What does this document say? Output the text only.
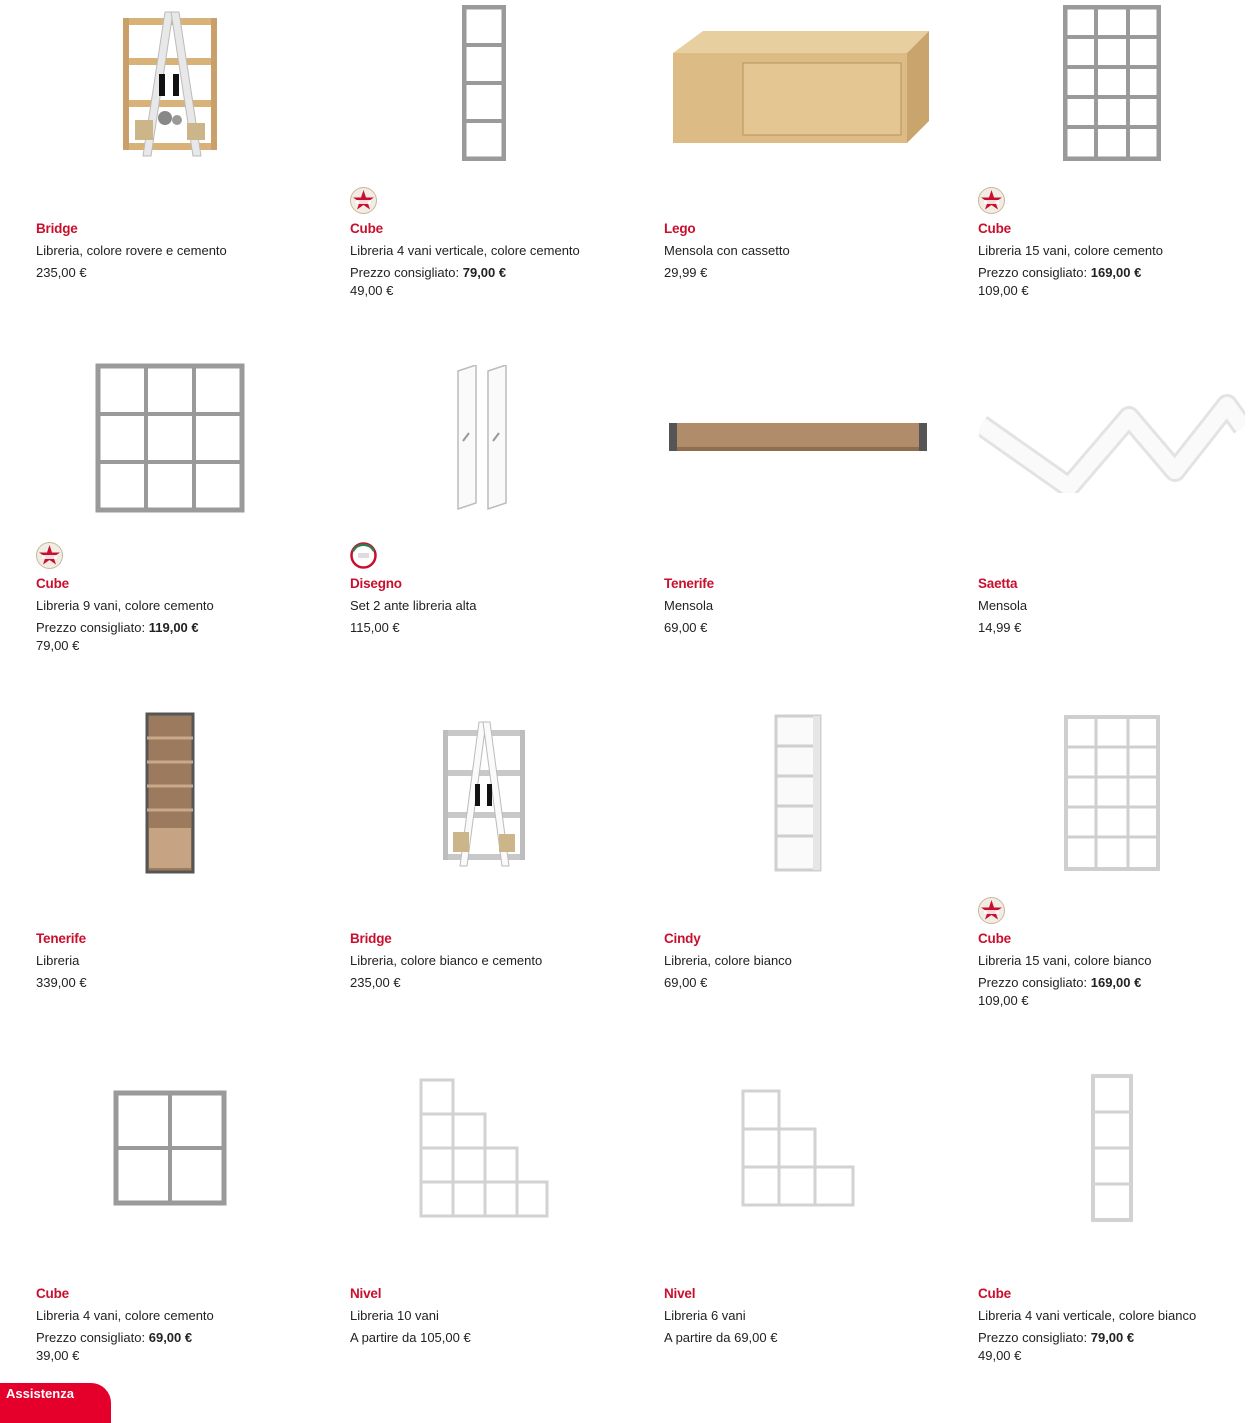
Bridge
Libreria, colore rovere e cemento
235,00 €
Cube
Libreria 4 vani verticale, colore cemento
Prezzo consigliato: 79,00 €
49,00 €
Lego
Mensola con cassetto
29,99 €
Cube
Libreria 15 vani, colore cemento
Prezzo consigliato: 169,00 €
109,00 €
Cube
Libreria 9 vani, colore cemento
Prezzo consigliato: 119,00 €
79,00 €
Disegno
Set 2 ante libreria alta
115,00 €
Tenerife
Mensola
69,00 €
Saetta
Mensola
14,99 €
Tenerife
Libreria
339,00 €
Bridge
Libreria, colore bianco e cemento
235,00 €
Cindy
Libreria, colore bianco
69,00 €
Cube
Libreria 15 vani, colore bianco
Prezzo consigliato: 169,00 €
109,00 €
Cube
Libreria 4 vani, colore cemento
Prezzo consigliato: 69,00 €
39,00 €
Nivel
Libreria 10 vani
A partire da 105,00 €
Nivel
Libreria 6 vani
A partire da 69,00 €
Cube
Libreria 4 vani verticale, colore bianco
Prezzo consigliato: 79,00 €
49,00 €
Assistenza
